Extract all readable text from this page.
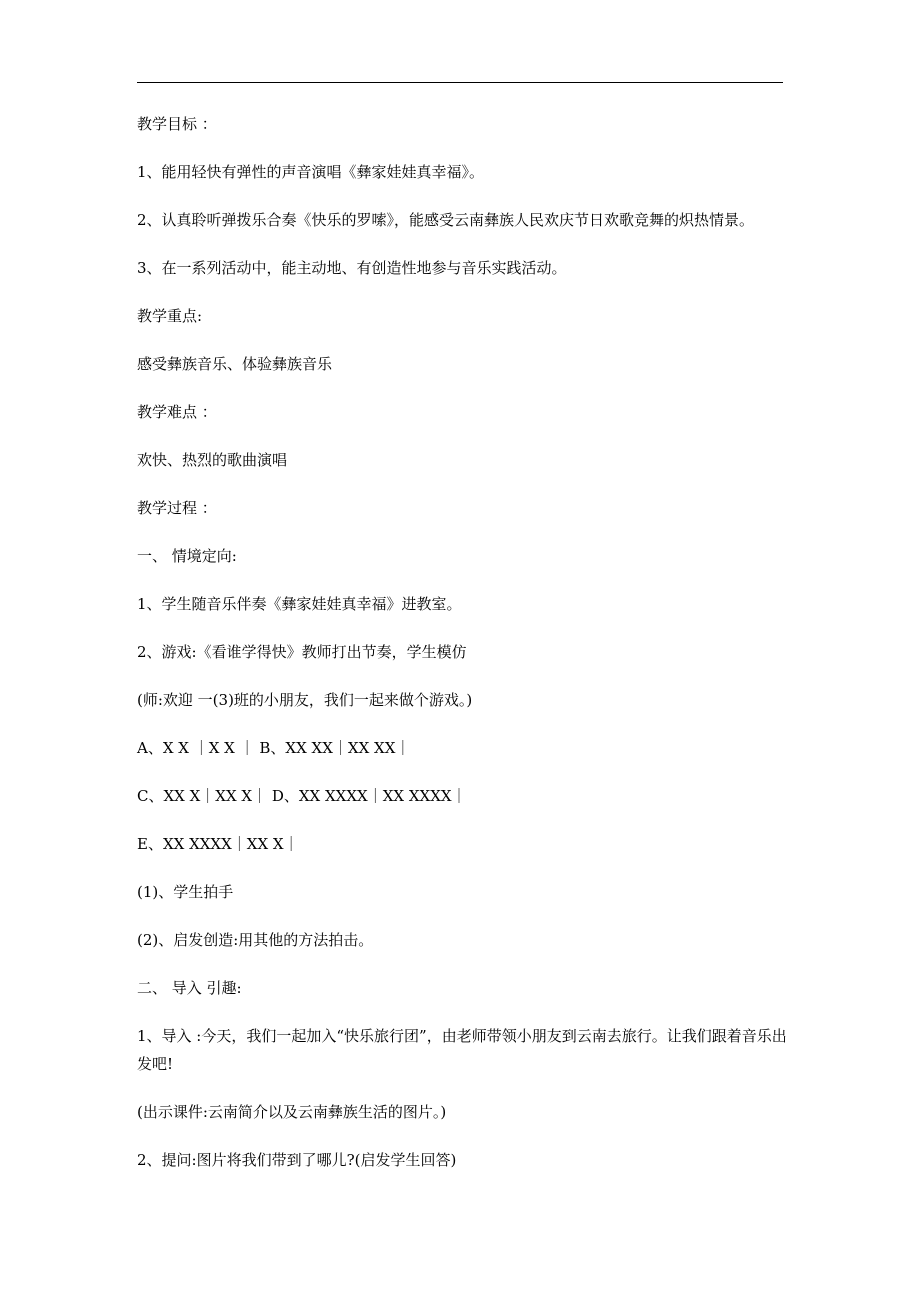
教学目标 ：

1、能用轻快有弹性的声音演唱《彝家娃娃真幸福》。

2、认真聆听弹拨乐合奏《快乐的罗嗦》，能感受云南彝族人民欢庆节日欢歌竞舞的炽热情景。

3、在一系列活动中，能主动地、有创造性地参与音乐实践活动。

教学重点:

感受彝族音乐、体验彝族音乐

教学难点 ：

欢快、热烈的歌曲演唱

教学过程 ：

一、 情境定向:

1、学生随音乐伴奏《彝家娃娃真幸福》进教室。

2、游戏:《看谁学得快》教师打出节奏，学生模仿

(师:欢迎 一(3)班的小朋友，我们一起来做个游戏。)

A、X X ｜X X ｜ B、XX XX｜XX XX｜

C、XX X｜XX X｜ D、XX XXXX｜XX XXXX｜

E、XX XXXX｜XX X｜

(1)、学生拍手

(2)、启发创造:用其他的方法拍击。

二、 导入 引趣:

1、导入 :今天，我们一起加入“快乐旅行团”，由老师带领小朋友到云南去旅行。让我们跟着音乐出发吧!

(出示课件:云南简介以及云南彝族生活的图片。)

2、提问:图片将我们带到了哪儿?(启发学生回答)
